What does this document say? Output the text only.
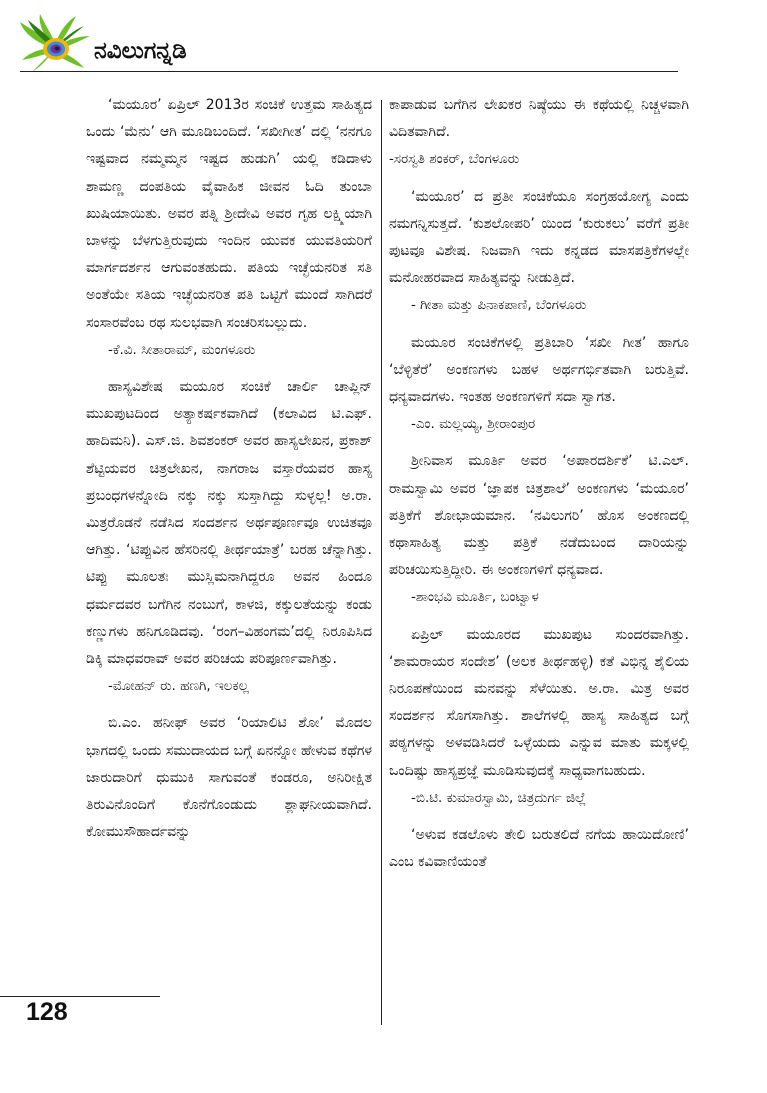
ನವಿಲುಗನ್ನಡಿ

‘ಮಯೂರ’ ಏಪ್ರಿಲ್ 2013ರ ಸಂಚಿಕೆ ಉತ್ತಮ ಸಾಹಿತ್ಯದ ಒಂದು ‘ಮೆನು’ ಆಗಿ ಮೂಡಿಬಂದಿದೆ. ‘ಸಖೀಗೀತ’ ದಲ್ಲಿ ‘ನನಗೂ ಇಷ್ಟವಾದ ನಮ್ಮಮ್ಮನ ಇಷ್ಟದ ಹುಡುಗಿ’ ಯಲ್ಲಿ ಕಡಿದಾಳು ಶಾಮಣ್ಣ ದಂಪತಿಯ ವೈವಾಹಿಕ ಜೀವನ ಓದಿ ತುಂಬಾ ಖುಷಿಯಾಯಿತು. ಅವರ ಪತ್ನಿ ಶ್ರೀದೇವಿ ಅವರ ಗೃಹ ಲಕ್ಷ್ಮಿಯಾಗಿ ಬಾಳನ್ನು ಬೆಳಗುತ್ತಿರುವುದು ಇಂದಿನ ಯುವಕ ಯುವತಿಯರಿಗೆ ಮಾರ್ಗದರ್ಶನ ಆಗುವಂತಹುದು. ಪತಿಯ ಇಚ್ಛೆಯನರಿತ ಸತಿ ಅಂತೆಯೇ ಸತಿಯ ಇಚ್ಛೆಯನರಿತ ಪತಿ ಒಟ್ಟಿಗೆ ಮುಂದೆ ಸಾಗಿದರೆ ಸಂಸಾರವೆಂಬ ರಥ ಸುಲಭವಾಗಿ ಸಂಚರಿಸಬಲ್ಲುದು.

-ಕೆ.ವಿ. ಸೀತಾರಾಮ್, ಮಂಗಳೂರು

ಹಾಸ್ಯವಿಶೇಷ ಮಯೂರ ಸಂಚಿಕೆ ಚಾರ್ಲಿ ಚಾಪ್ಲಿನ್ ಮುಖಪುಟದಿಂದ ಅತ್ಯಾಕರ್ಷಕವಾಗಿದೆ (ಕಲಾವಿದ ಟಿ.ಎಫ್. ಹಾದಿಮನಿ). ಎಸ್.ಜಿ. ಶಿವಶಂಕರ್ ಅವರ ಹಾಸ್ಯಲೇಖನ, ಪ್ರಕಾಶ್ ಶೆಟ್ಟಿಯವರ ಚಿತ್ರಲೇಖನ, ನಾಗರಾಜ ವಸ್ತಾರೆಯವರ ಹಾಸ್ಯ ಪ್ರಬಂಧಗಳನ್ನೋದಿ ನಕ್ಕು ನಕ್ಕು ಸುಸ್ತಾಗಿದ್ದು ಸುಳ್ಳಲ್ಲ! ಅ.ರಾ. ಮಿತ್ರರೊಡನೆ ನಡೆಸಿದ ಸಂದರ್ಶನ ಅರ್ಥಪೂರ್ಣವೂ ಉಚಿತವೂ ಆಗಿತ್ತು. ‘ಟಿಪ್ಪುವಿನ ಹೆಸರಿನಲ್ಲಿ ತೀರ್ಥಯಾತ್ರೆ’ ಬರಹ ಚೆನ್ನಾಗಿತ್ತು. ಟಿಪ್ಪು ಮೂಲತಃ ಮುಸ್ಲಿಮನಾಗಿದ್ದರೂ ಅವನ ಹಿಂದೂ ಧರ್ಮದವರ ಬಗೆಗಿನ ನಂಬುಗೆ, ಕಾಳಜಿ, ಕಕ್ಕುಲತೆಯನ್ನು ಕಂಡು ಕಣ್ಣುಗಳು ಹನಿಗೂಡಿದವು. ‘ರಂಗ–ವಿಹಂಗಮ’ದಲ್ಲಿ ನಿರೂಪಿಸಿದ ಡಿಕ್ಕಿ ಮಾಧವರಾವ್ ಅವರ ಪರಿಚಯ ಪರಿಪೂರ್ಣವಾಗಿತ್ತು.

-ಮೋಹನ್ ರು. ಹಣಗಿ, ಇಲಕಲ್ಲ

ಬಿ.ಎಂ. ಹನೀಫ್ ಅವರ ‘ರಿಯಾಲಿಟಿ ಶೋ’ ಮೊದಲ ಭಾಗದಲ್ಲಿ ಒಂದು ಸಮುದಾಯದ ಬಗ್ಗೆ ಏನನ್ನೋ ಹೇಳುವ ಕಥೆಗಳ ಜಾರುದಾರಿಗೆ ಧುಮುಕಿ ಸಾಗುವಂತೆ ಕಂಡರೂ, ಅನಿರೀಕ್ಷಿತ ತಿರುವಿನೊಂದಿಗೆ ಕೊನೆಗೊಂಡುದು ಶ್ಲಾಘನೀಯವಾಗಿದೆ. ಕೋಮುಸೌಹಾರ್ದವನ್ನು

ಕಾಪಾಡುವ ಬಗೆಗಿನ ಲೇಖಕರ ನಿಷ್ಠೆಯು ಈ ಕಥೆಯಲ್ಲಿ ನಿಚ್ಚಳವಾಗಿ ವಿದಿತವಾಗಿದೆ.

-ಸರಸ್ವತಿ ಶಂಕರ್, ಬೆಂಗಳೂರು

‘ಮಯೂರ’ ದ ಪ್ರತೀ ಸಂಚಿಕೆಯೂ ಸಂಗ್ರಹಯೋಗ್ಯ ಎಂದು ನಮಗನ್ನಿಸುತ್ತದೆ. ‘ಕುಶಲೋಪರಿ’ ಯಿಂದ ‘ಕುರುಕಲು’ ವರೆಗೆ ಪ್ರತೀ ಪುಟವೂ ವಿಶೇಷ. ನಿಜವಾಗಿ ಇದು ಕನ್ನಡದ ಮಾಸಪತ್ರಿಕೆಗಳಲ್ಲೇ ಮನೋಹರವಾದ ಸಾಹಿತ್ಯವನ್ನು ನೀಡುತ್ತಿದೆ.

- ಗೀತಾ ಮತ್ತು ಪಿನಾಕಪಾಣಿ, ಬೆಂಗಳೂರು

ಮಯೂರ ಸಂಚಿಕೆಗಳಲ್ಲಿ ಪ್ರತಿಬಾರಿ ‘ಸಖೀ ಗೀತ’ ಹಾಗೂ ‘ಬೆಳ್ಳಿತೆರೆ’ ಅಂಕಣಗಳು ಬಹಳ ಅರ್ಥಗರ್ಭಿತವಾಗಿ ಬರುತ್ತಿವೆ. ಧನ್ಯವಾದಗಳು. ಇಂತಹ ಅಂಕಣಗಳಿಗೆ ಸದಾ ಸ್ವಾಗತ.

-ಎಂ. ಮಲ್ಲಯ್ಯ, ಶ್ರೀರಾಂಪುರ

ಶ್ರೀನಿವಾಸ ಮೂರ್ತಿ ಅವರ ‘ಅಪಾರದರ್ಶಿಕೆ’ ಟಿ.ಎಲ್. ರಾಮಸ್ವಾಮಿ ಅವರ ‘ಜ್ಞಾಪಕ ಚಿತ್ರಶಾಲೆ’ ಅಂಕಣಗಳು ‘ಮಯೂರ’ ಪತ್ರಿಕೆಗೆ ಶೋಭಾಯಮಾನ. ‘ನವಿಲುಗರಿ’ ಹೊಸ ಅಂಕಣದಲ್ಲಿ ಕಥಾಸಾಹಿತ್ಯ ಮತ್ತು ಪತ್ರಿಕೆ ನಡೆದುಬಂದ ದಾರಿಯನ್ನು ಪರಿಚಯಿಸುತ್ತಿದ್ದೀರಿ. ಈ ಅಂಕಣಗಳಿಗೆ ಧನ್ಯವಾದ.

-ಶಾಂಭವಿ ಮೂರ್ತಿ, ಬಂಟ್ವಾಳ

ಏಪ್ರಿಲ್ ಮಯೂರದ ಮುಖಪುಟ ಸುಂದರವಾಗಿತ್ತು. ‘ಶಾಮರಾಯರ ಸಂದೇಶ’ (ಅಲಕ ತೀರ್ಥಹಳ್ಳಿ) ಕತೆ ವಿಭಿನ್ನ ಶೈಲಿಯ ನಿರೂಪಣೆಯಿಂದ ಮನವನ್ನು ಸೆಳೆಯಿತು. ಅ.ರಾ. ಮಿತ್ರ ಅವರ ಸಂದರ್ಶನ ಸೊಗಸಾಗಿತ್ತು. ಶಾಲೆಗಳಲ್ಲಿ ಹಾಸ್ಯ ಸಾಹಿತ್ಯದ ಬಗ್ಗೆ ಪಠ್ಯಗಳನ್ನು ಅಳವಡಿಸಿದರೆ ಒಳ್ಳೆಯದು ಎನ್ನುವ ಮಾತು ಮಕ್ಕಳಲ್ಲಿ ಒಂದಿಷ್ಟು ಹಾಸ್ಯಪ್ರಜ್ಞೆ ಮೂಡಿಸುವುದಕ್ಕೆ ಸಾಧ್ಯವಾಗಬಹುದು.

-ಬಿ.ಟಿ. ಕುಮಾರಸ್ವಾಮಿ, ಚಿತ್ರದುರ್ಗ ಜಿಲ್ಲೆ

‘ಅಳುವ ಕಡಲೊಳು ತೇಲಿ ಬರುತಲಿದೆ ನಗೆಯ ಹಾಯಿದೋಣಿ’ ಎಂಬ ಕವಿವಾಣಿಯಂತೆ

128
